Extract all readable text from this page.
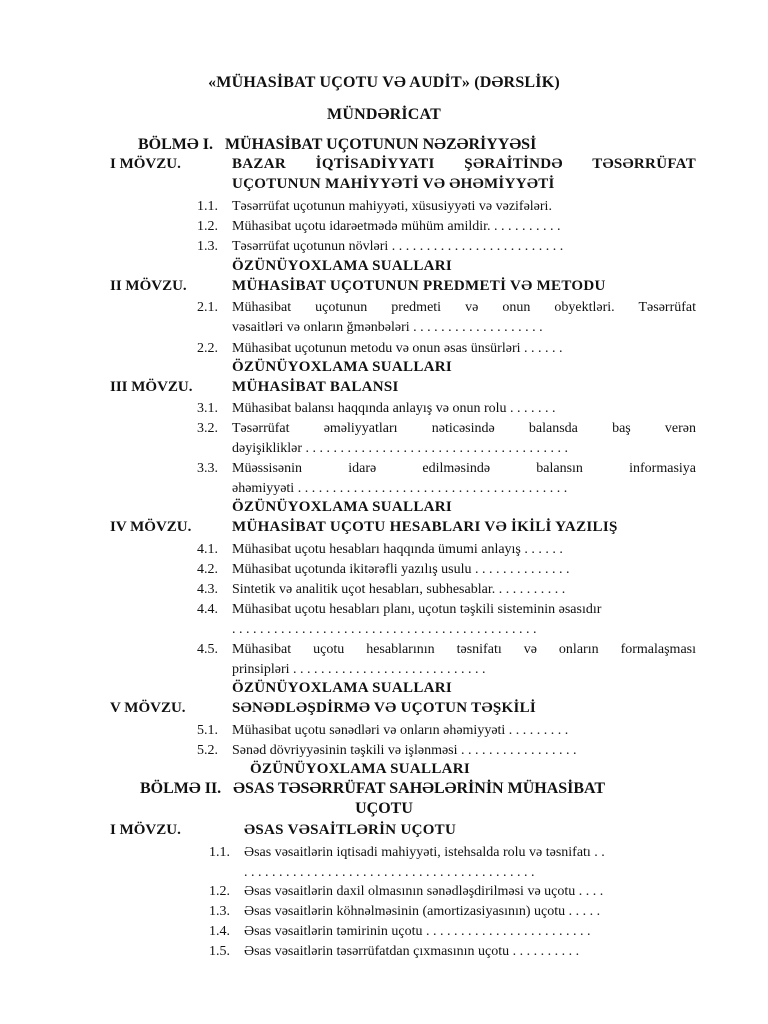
«MÜHASİBAT UÇOTU VƏ AUDİT» (DƏRSLİK)
MÜNDƏRİCAT
BÖLMƏ I. MÜHASİBAT UÇOTUNUN NƏZƏRİYYƏSİ
I MÖVZU.	BAZAR İQTİSADİYYATI ŞƏRAİTİNDƏ TƏSƏRRÜFAT
UÇOTUNUN MAHİYYƏTİ VƏ ƏHƏMİYYƏTİ
1.1. Təsərrüfat uçotunun mahiyyəti, xüsusiyyəti və vəzifələri.
1.2. Mühasibat uçotu idarəetmədə mühüm amildir. . . . . . . . . . .
1.3. Təsərrüfat uçotunun növləri . . . . . . . . . . . . . . . . . . . . . . . . .
ÖZÜNÜYOXLAMA SUALLARI
II MÖVZU.	MÜHASİBAT UÇOTUNUN PREDMETİ VƏ METODU
2.1. Mühasibat uçotunun predmeti və onun obyektləri. Təsərrüfat
vəsaitləri və onların ğmənbələri . . . . . . . . . . . . . . . . . . .
2.2. Mühasibat uçotunun metodu və onun əsas ünsürləri . . . . . .
ÖZÜNÜYOXLAMA SUALLARI
III MÖVZU.	MÜHASİBAT BALANSI
3.1. Mühasibat balansı haqqında anlayış və onun rolu . . . . . . .
3.2. Təsərrüfat əməliyyatları nəticəsində balansda baş verən
dəyişikliklər . . . . . . . . . . . . . . . . . . . . . . . . . . . . . . . . . . . . . .
3.3. Müəssisənin idarə edilməsində balansın informasiya
əhəmiyyəti . . . . . . . . . . . . . . . . . . . . . . . . . . . . . . . . . . . . . . .
ÖZÜNÜYOXLAMA SUALLARI
IV MÖVZU.	MÜHASİBAT UÇOTU HESABLARI VƏ İKİLİ YAZILIŞ
4.1. Mühasibat uçotu hesabları haqqında ümumi anlayış . . . . . .
4.2. Mühasibat uçotunda ikitərəfli yazılış usulu . . . . . . . . . . . . . .
4.3. Sintetik və analitik uçot hesabları, subhesablar. . . . . . . . . . .
4.4. Mühasibat uçotu hesabları planı, uçotun təşkili sisteminin əsasıdır
. . . . . . . . . . . . . . . . . . . . . . . . . . . . . . . . . . . . . . . . . . . .
4.5. Mühasibat uçotu hesablarının təsnifatı və onların formalaşması
prinsipləri . . . . . . . . . . . . . . . . . . . . . . . . . . . .
ÖZÜNÜYOXLAMA SUALLARI
V MÖVZU.	SƏNƏDLƏŞDİRMƏ VƏ UÇOTUN TƏŞKİLİ
5.1. Mühasibat uçotu sənədləri və onların əhəmiyyəti . . . . . . . . .
5.2. Sənəd dövriyyəsinin təşkili və işlənməsi . . . . . . . . . . . . . . . . .
ÖZÜNÜYOXLAMA SUALLARI
BÖLMƏ II. ƏSAS TƏSƏRRÜFAT SAHƏLƏRİNİN MÜHASİBAT
UÇOTU
I MÖVZU.	ƏSAS VƏSAİTLƏRİN UÇOTU
1.1. Əsas vəsaitlərin iqtisadi mahiyyəti, istehsalda rolu və təsnifatı . .
. . . . . . . . . . . . . . . . . . . . . . . . . . . . . . . . . . . . . . . . . .
1.2. Əsas vəsaitlərin daxil olmasının sənədləşdirilməsi və uçotu . . . .
1.3. Əsas vəsaitlərin köhnəlməsinin (amortizasiyasının) uçotu . . . . .
1.4. Əsas vəsaitlərin təmirinin uçotu . . . . . . . . . . . . . . . . . . . . . . . .
1.5. Əsas vəsaitlərin təsərrüfatdan çıxmasının uçotu . . . . . . . . . .
